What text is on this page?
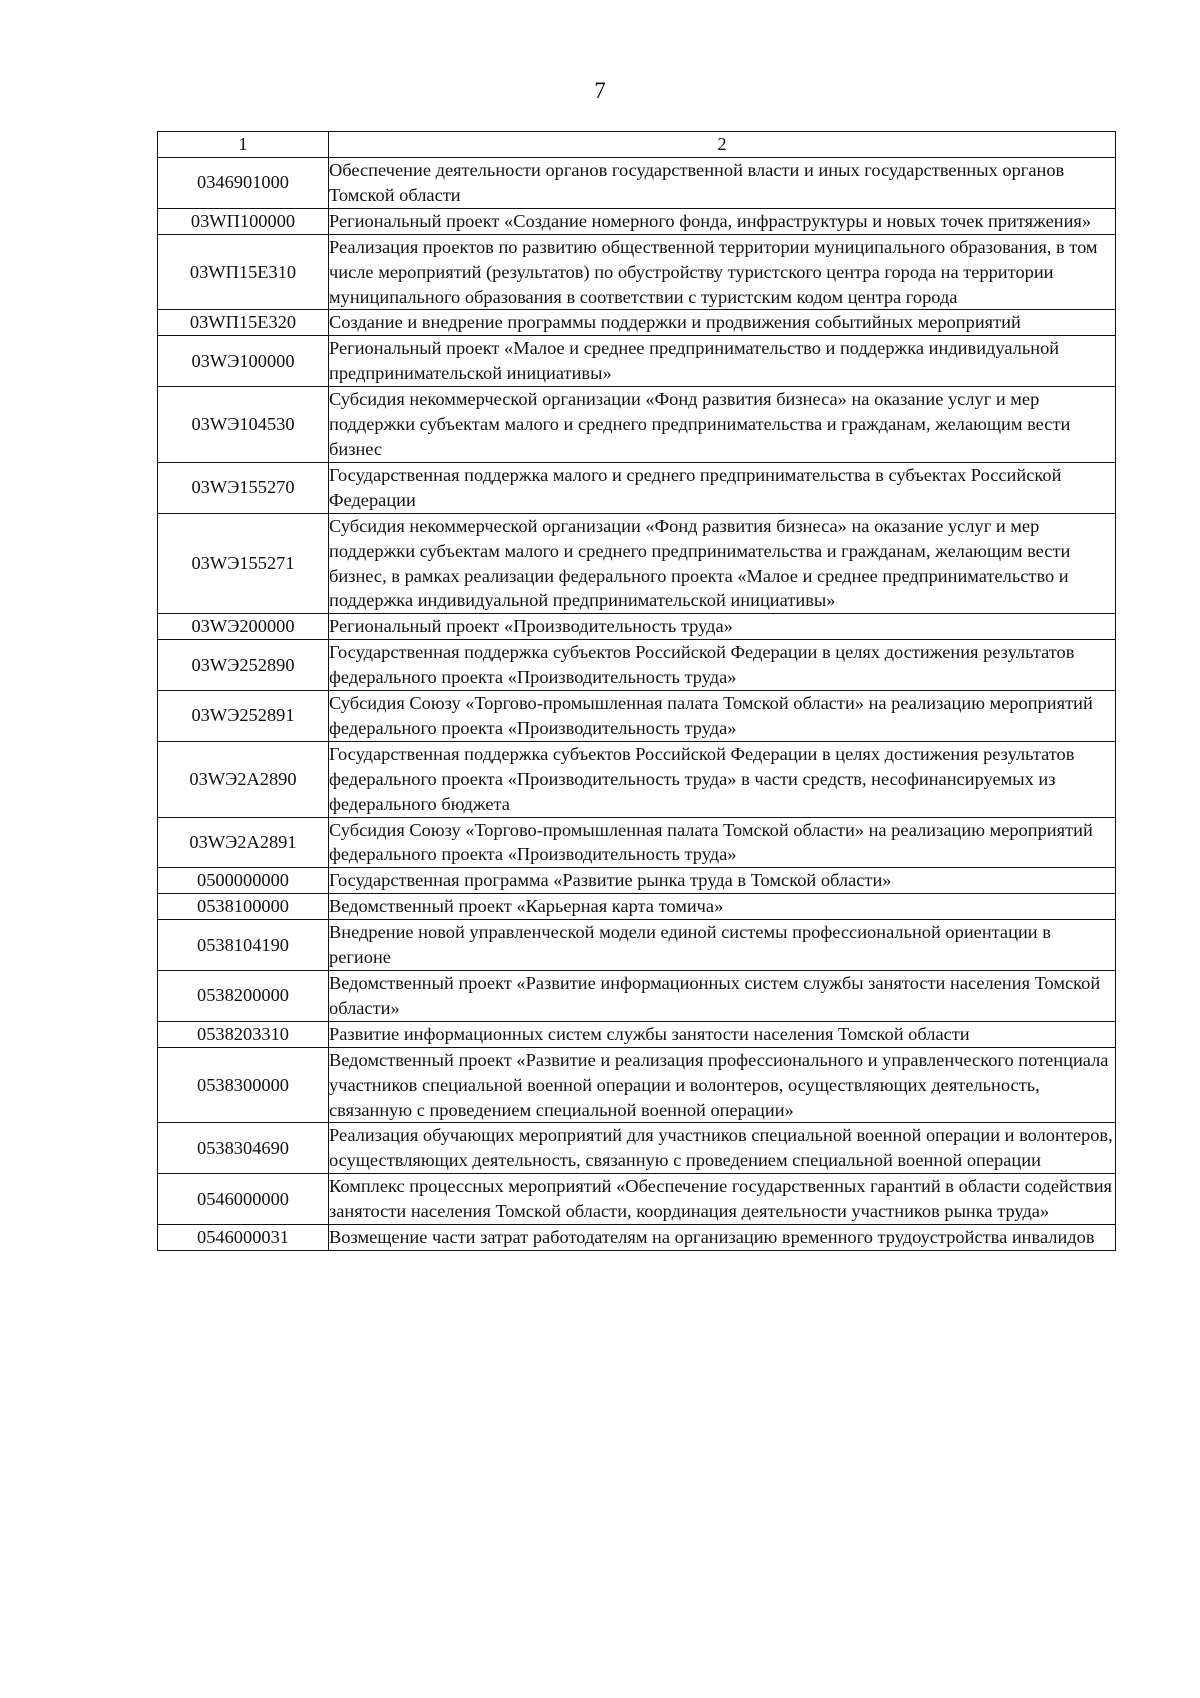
7
1	2
0346901000	Обеспечение деятельности органов государственной власти и иных государственных органов Томской области
03WП100000	Региональный проект «Создание номерного фонда, инфраструктуры и новых точек притяжения»
03WП15Е310	Реализация проектов по развитию общественной территории муниципального образования, в том числе мероприятий (результатов) по обустройству туристского центра города на территории муниципального образования в соответствии с туристским кодом центра города
03WП15Е320	Создание и внедрение программы поддержки и продвижения событийных мероприятий
03WЭ100000	Региональный проект «Малое и среднее предпринимательство и поддержка индивидуальной предпринимательской инициативы»
03WЭ104530	Субсидия некоммерческой организации «Фонд развития бизнеса» на оказание услуг и мер поддержки субъектам малого и среднего предпринимательства и гражданам, желающим вести бизнес
03WЭ155270	Государственная поддержка малого и среднего предпринимательства в субъектах Российской Федерации
03WЭ155271	Субсидия некоммерческой организации «Фонд развития бизнеса» на оказание услуг и мер поддержки субъектам малого и среднего предпринимательства и гражданам, желающим вести бизнес, в рамках реализации федерального проекта «Малое и среднее предпринимательство и поддержка индивидуальной предпринимательской инициативы»
03WЭ200000	Региональный проект «Производительность труда»
03WЭ252890	Государственная поддержка субъектов Российской Федерации в целях достижения результатов федерального проекта «Производительность труда»
03WЭ252891	Субсидия Союзу «Торгово-промышленная палата Томской области» на реализацию мероприятий федерального проекта «Производительность труда»
03WЭ2А2890	Государственная поддержка субъектов Российской Федерации в целях достижения результатов федерального проекта «Производительность труда» в части средств, несофинансируемых из федерального бюджета
03WЭ2А2891	Субсидия Союзу «Торгово-промышленная палата Томской области» на реализацию мероприятий федерального проекта «Производительность труда»
0500000000	Государственная программа «Развитие рынка труда в Томской области»
0538100000	Ведомственный проект «Карьерная карта томича»
0538104190	Внедрение новой управленческой модели единой системы профессиональной ориентации в регионе
0538200000	Ведомственный проект «Развитие информационных систем службы занятости населения Томской области»
0538203310	Развитие информационных систем службы занятости населения Томской области
0538300000	Ведомственный проект «Развитие и реализация профессионального и управленческого потенциала участников специальной военной операции и волонтеров, осуществляющих деятельность, связанную с проведением специальной военной операции»
0538304690	Реализация обучающих мероприятий для участников специальной военной операции и волонтеров, осуществляющих деятельность, связанную с проведением специальной военной операции
0546000000	Комплекс процессных мероприятий «Обеспечение государственных гарантий в области содействия занятости населения Томской области, координация деятельности участников рынка труда»
0546000031	Возмещение части затрат работодателям на организацию временного трудоустройства инвалидов
